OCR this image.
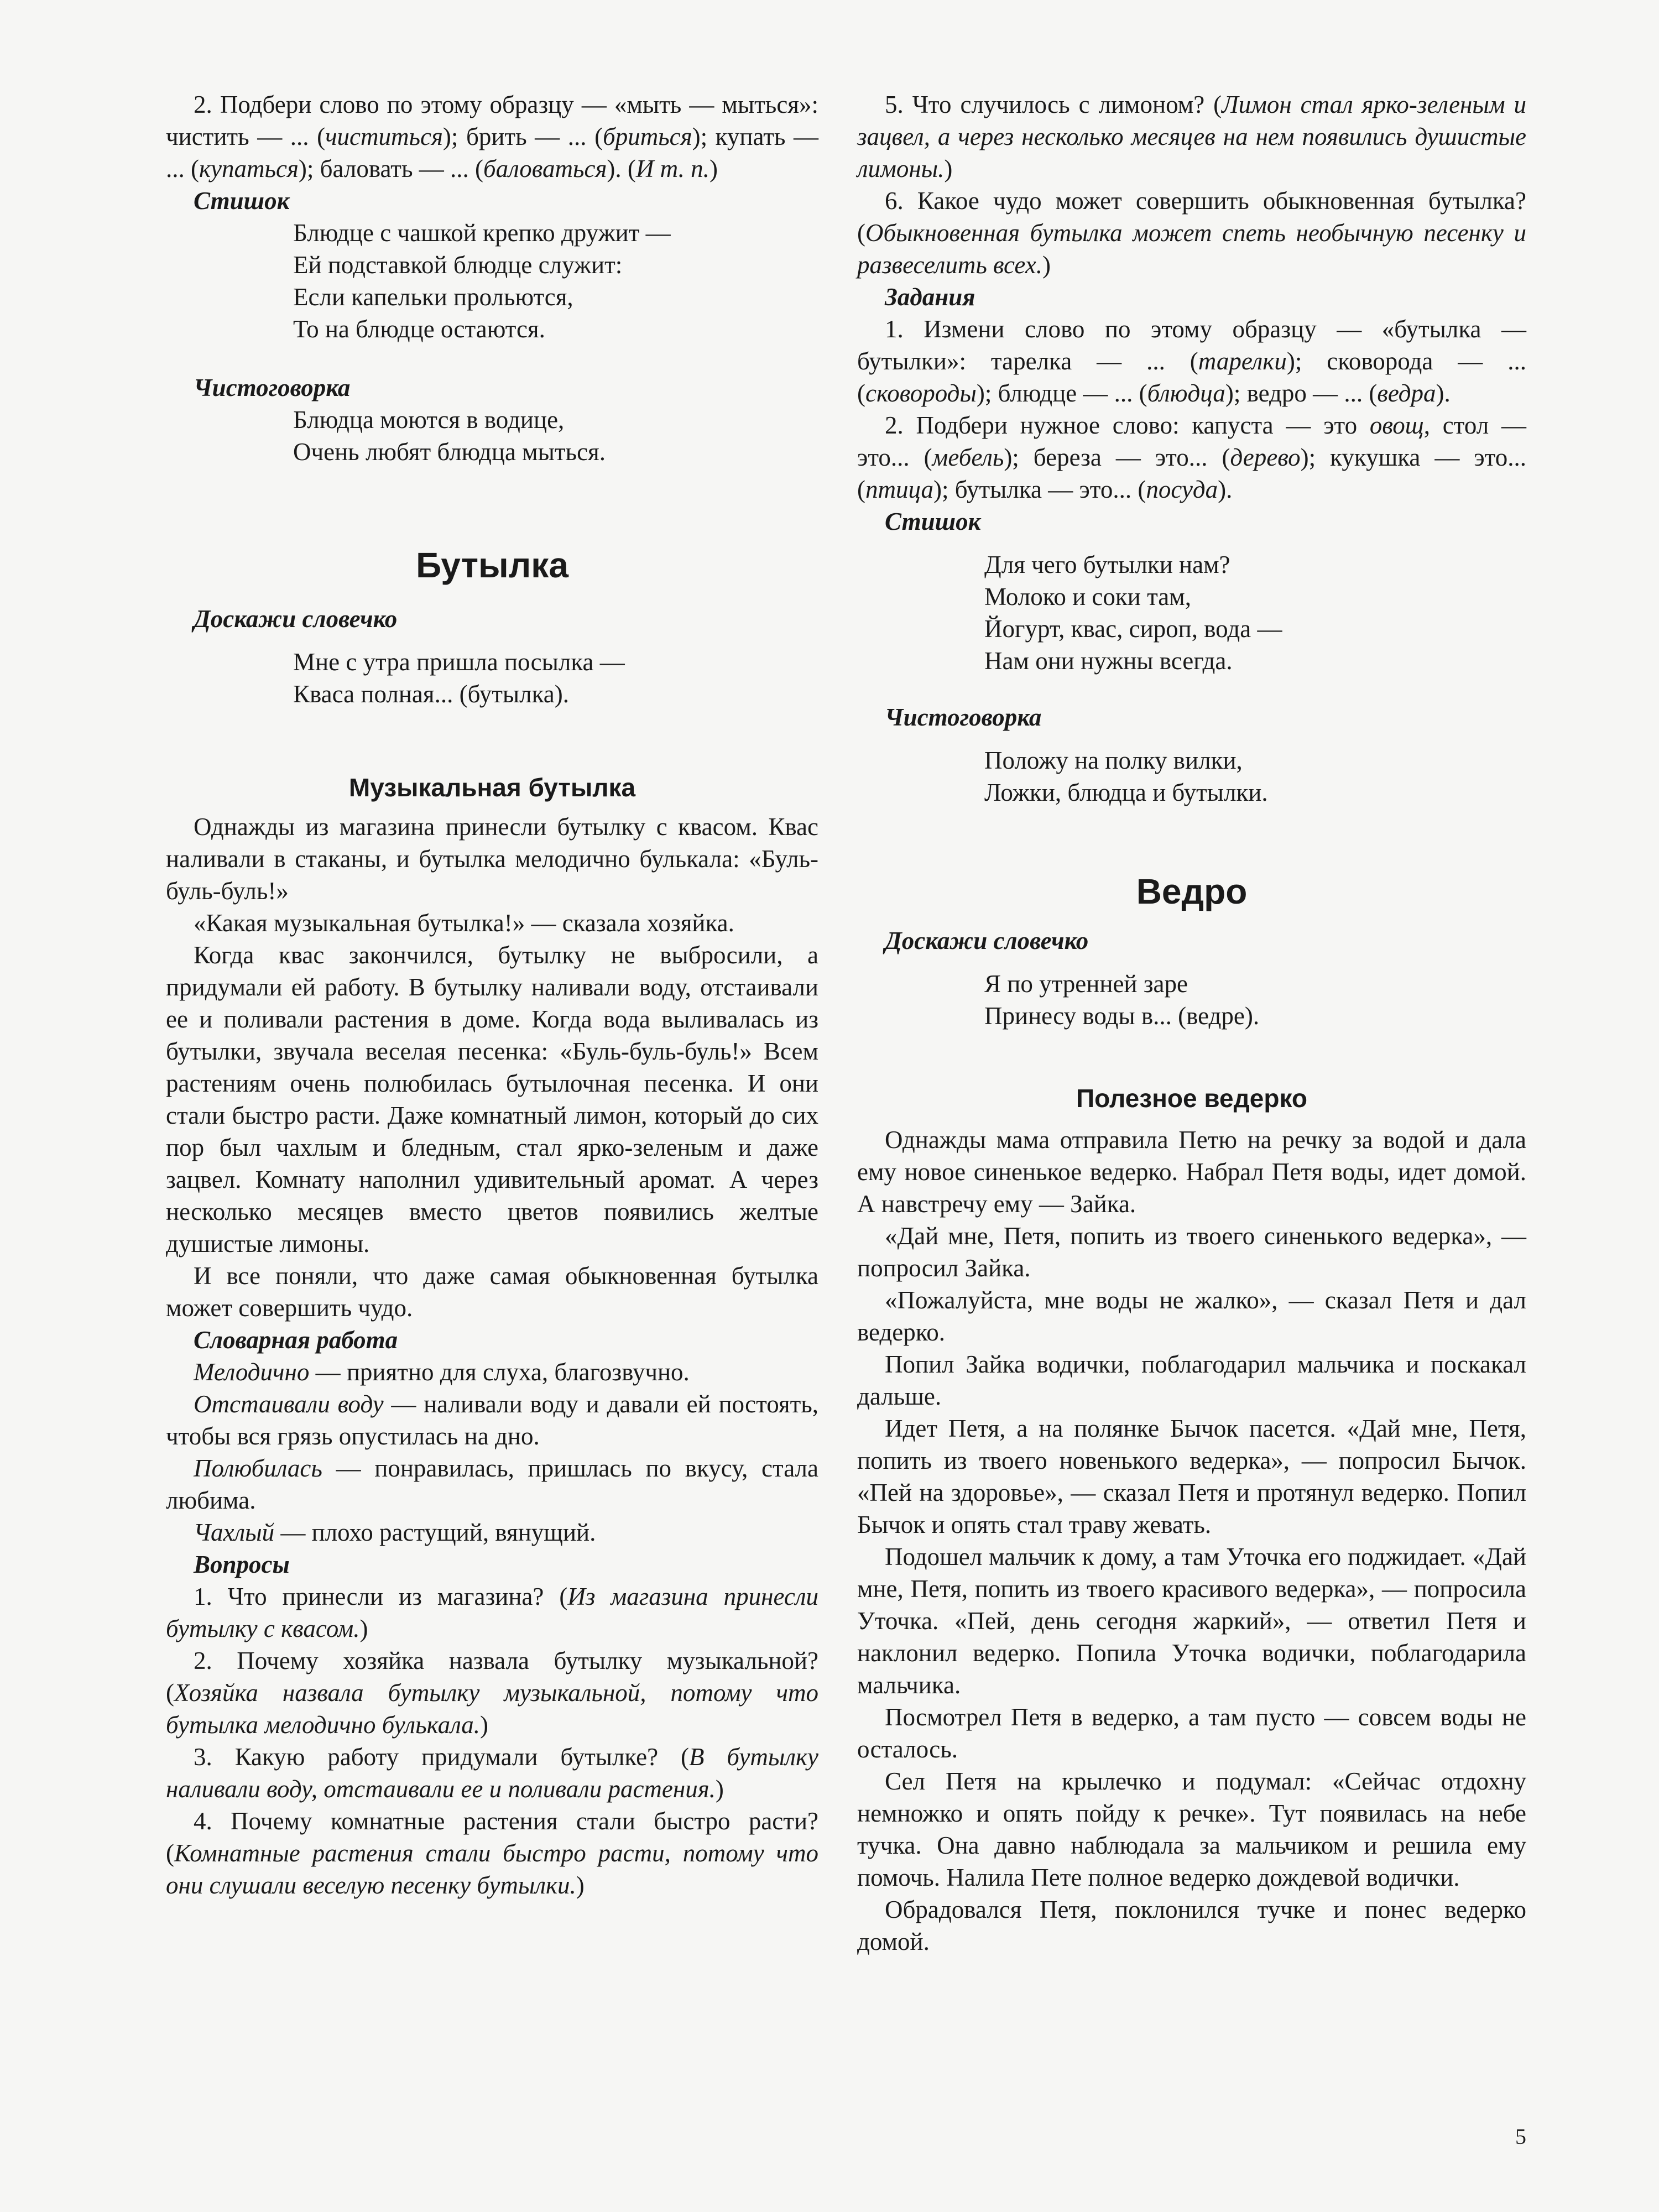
2. Подбери слово по этому образцу — «мыть — мыться»: чистить — ... (чиститься); брить — ... (бриться); купать — ... (купаться); баловать — ... (баловаться). (И т. п.)

Стишок
Блюдце с чашкой крепко дружит —
Ей подставкой блюдце служит:
Если капельки прольются,
То на блюдце остаются.
Чистоговорка
Блюдца моются в водице,
Очень любят блюдца мыться.
Бутылка
Доскажи словечко
Мне с утра пришла посылка —
Кваса полная... (бутылка).
Музыкальная бутылка

Однажды из магазина принесли бутылку с квасом. Квас наливали в стаканы, и бутылка мелодично булькала: «Буль-буль-буль!»

«Какая музыкальная бутылка!» — сказала хозяйка.

Когда квас закончился, бутылку не выбросили, а придумали ей работу. В бутылку наливали воду, отстаивали ее и поливали растения в доме. Когда вода выливалась из бутылки, звучала веселая песенка: «Буль-буль-буль!» Всем растениям очень полюбилась бутылочная песенка. И они стали быстро расти. Даже комнатный лимон, который до сих пор был чахлым и бледным, стал ярко-зеленым и даже зацвел. Комнату наполнил удивительный аромат. А через несколько месяцев вместо цветов появились желтые душистые лимоны.

И все поняли, что даже самая обыкновенная бутылка может совершить чудо.

Словарная работа

Мелодично — приятно для слуха, благозвучно.

Отстаивали воду — наливали воду и давали ей постоять, чтобы вся грязь опустилась на дно.

Полюбилась — понравилась, пришлась по вкусу, стала любима.

Чахлый — плохо растущий, вянущий.

Вопросы

1. Что принесли из магазина? (Из магазина принесли бутылку с квасом.)

2. Почему хозяйка назвала бутылку музыкальной? (Хозяйка назвала бутылку музыкальной, потому что бутылка мелодично булькала.)

3. Какую работу придумали бутылке? (В бутылку наливали воду, отстаивали ее и поливали растения.)

4. Почему комнатные растения стали быстро расти? (Комнатные растения стали быстро расти, потому что они слушали веселую песенку бутылки.)

5. Что случилось с лимоном? (Лимон стал ярко-зеленым и зацвел, а через несколько месяцев на нем появились душистые лимоны.)

6. Какое чудо может совершить обыкновенная бутылка? (Обыкновенная бутылка может спеть необычную песенку и развеселить всех.)

Задания

1. Измени слово по этому образцу — «бутылка — бутылки»: тарелка — ... (тарелки); сковорода — ... (сковороды); блюдце — ... (блюдца); ведро — ... (ведра).

2. Подбери нужное слово: капуста — это овощ, стол — это... (мебель); береза — это... (дерево); кукушка — это... (птица); бутылка — это... (посуда).

Стишок
Для чего бутылки нам?
Молоко и соки там,
Йогурт, квас, сироп, вода —
Нам они нужны всегда.
Чистоговорка
Положу на полку вилки,
Ложки, блюдца и бутылки.
Ведро
Доскажи словечко
Я по утренней заре
Принесу воды в... (ведре).
Полезное ведерко

Однажды мама отправила Петю на речку за водой и дала ему новое синенькое ведерко. Набрал Петя воды, идет домой. А навстречу ему — Зайка.

«Дай мне, Петя, попить из твоего синенького ведерка», — попросил Зайка.

«Пожалуйста, мне воды не жалко», — сказал Петя и дал ведерко.

Попил Зайка водички, поблагодарил мальчика и поскакал дальше.

Идет Петя, а на полянке Бычок пасется. «Дай мне, Петя, попить из твоего новенького ведерка», — попросил Бычок. «Пей на здоровье», — сказал Петя и протянул ведерко. Попил Бычок и опять стал траву жевать.

Подошел мальчик к дому, а там Уточка его поджидает. «Дай мне, Петя, попить из твоего красивого ведерка», — попросила Уточка. «Пей, день сегодня жаркий», — ответил Петя и наклонил ведерко. Попила Уточка водички, поблагодарила мальчика.

Посмотрел Петя в ведерко, а там пусто — совсем воды не осталось.

Сел Петя на крылечко и подумал: «Сейчас отдохну немножко и опять пойду к речке». Тут появилась на небе тучка. Она давно наблюдала за мальчиком и решила ему помочь. Налила Пете полное ведерко дождевой водички.

Обрадовался Петя, поклонился тучке и понес ведерко домой.

5
